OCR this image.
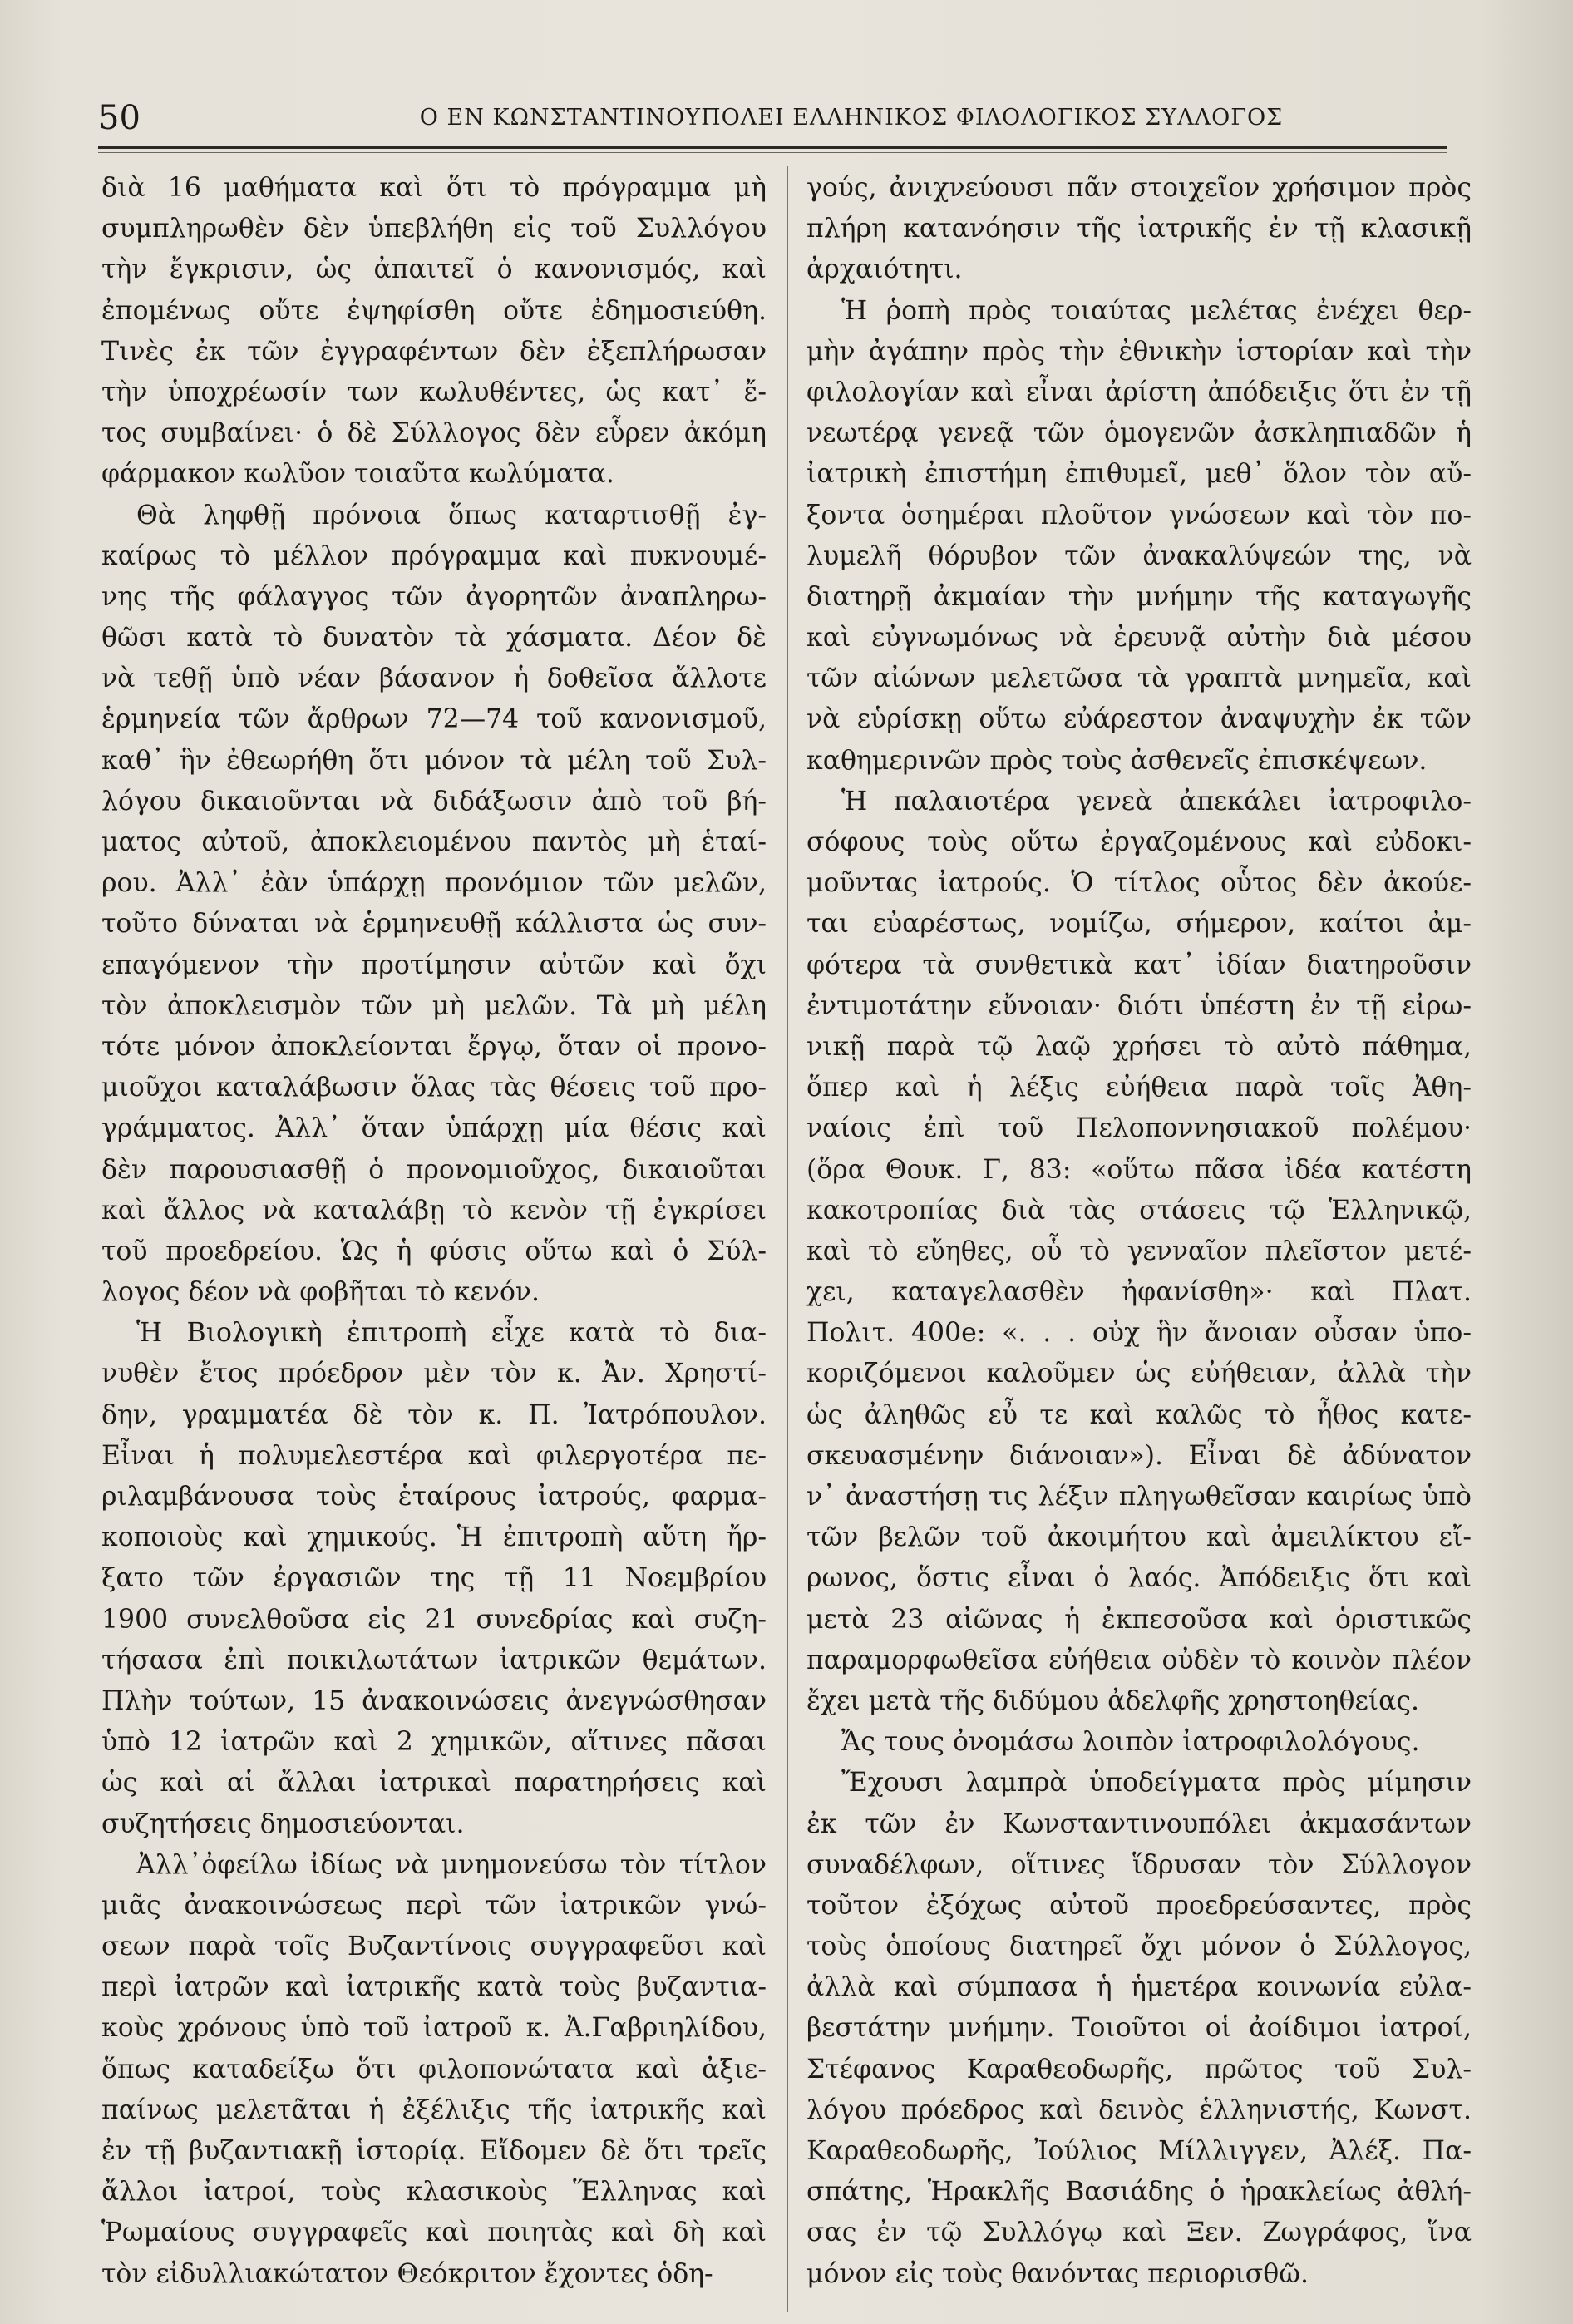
50	Ο ΕΝ ΚΩΝΣΤΑΝΤΙΝΟΥΠΟΛΕΙ ΕΛΛΗΝΙΚΟΣ ΦΙΛΟΛΟΓΙΚΟΣ ΣΥΛΛΟΓΟΣ
διὰ 16 μαθήματα καὶ ὅτι τὸ πρόγραμμα μὴ
συμπληρωθὲν δὲν ὑπεβλήθη εἰς τοῦ Συλλόγου
τὴν ἔγκρισιν, ὡς ἀπαιτεῖ ὁ κανονισμός, καὶ
ἐπομένως οὔτε ἐψηφίσθη οὔτε ἐδημοσιεύθη.
Τινὲς ἐκ τῶν ἐγγραφέντων δὲν ἐξεπλήρωσαν
τὴν ὑποχρέωσίν των κωλυθέντες, ὡς κατ᾽ ἔ-
τος συμβαίνει· ὁ δὲ Σύλλογος δὲν εὗρεν ἀκόμη
φάρμακον κωλῦον τοιαῦτα κωλύματα.
Θὰ ληφθῇ πρόνοια ὅπως καταρτισθῇ ἐγ-
καίρως τὸ μέλλον πρόγραμμα καὶ πυκνουμέ-
νης τῆς φάλαγγος τῶν ἀγορητῶν ἀναπληρω-
θῶσι κατὰ τὸ δυνατὸν τὰ χάσματα. Δέον δὲ
νὰ τεθῇ ὑπὸ νέαν βάσανον ἡ δοθεῖσα ἄλλοτε
ἑρμηνεία τῶν ἄρθρων 72—74 τοῦ κανονισμοῦ,
καθ᾽ ἣν ἐθεωρήθη ὅτι μόνον τὰ μέλη τοῦ Συλ-
λόγου δικαιοῦνται νὰ διδάξωσιν ἀπὸ τοῦ βή-
ματος αὐτοῦ, ἀποκλειομένου παντὸς μὴ ἑταί-
ρου. Ἀλλ᾽ ἐὰν ὑπάρχῃ προνόμιον τῶν μελῶν,
τοῦτο δύναται νὰ ἑρμηνευθῇ κάλλιστα ὡς συν-
επαγόμενον τὴν προτίμησιν αὐτῶν καὶ ὄχι
τὸν ἀποκλεισμὸν τῶν μὴ μελῶν. Τὰ μὴ μέλη
τότε μόνον ἀποκλείονται ἔργῳ, ὅταν οἱ προνο-
μιοῦχοι καταλάβωσιν ὅλας τὰς θέσεις τοῦ προ-
γράμματος. Ἀλλ᾽ ὅταν ὑπάρχῃ μία θέσις καὶ
δὲν παρουσιασθῇ ὁ προνομιοῦχος, δικαιοῦται
καὶ ἄλλος νὰ καταλάβῃ τὸ κενὸν τῇ ἐγκρίσει
τοῦ προεδρείου. Ὡς ἡ φύσις οὕτω καὶ ὁ Σύλ-
λογος δέον νὰ φοβῆται τὸ κενόν.
Ἡ Βιολογικὴ ἐπιτροπὴ εἶχε κατὰ τὸ δια-
νυθὲν ἔτος πρόεδρον μὲν τὸν κ. Ἀν. Χρηστί-
δην, γραμματέα δὲ τὸν κ. Π. Ἰατρόπουλον.
Εἶναι ἡ πολυμελεστέρα καὶ φιλεργοτέρα πε-
ριλαμβάνουσα τοὺς ἑταίρους ἰατρούς, φαρμα-
κοποιοὺς καὶ χημικούς. Ἡ ἐπιτροπὴ αὕτη ἤρ-
ξατο τῶν ἐργασιῶν της τῇ 11 Νοεμβρίου
1900 συνελθοῦσα εἰς 21 συνεδρίας καὶ συζη-
τήσασα ἐπὶ ποικιλωτάτων ἰατρικῶν θεμάτων.
Πλὴν τούτων, 15 ἀνακοινώσεις ἀνεγνώσθησαν
ὑπὸ 12 ἰατρῶν καὶ 2 χημικῶν, αἵτινες πᾶσαι
ὡς καὶ αἱ ἄλλαι ἰατρικαὶ παρατηρήσεις καὶ
συζητήσεις δημοσιεύονται.
Ἀλλ᾽ὀφείλω ἰδίως νὰ μνημονεύσω τὸν τίτλον
μιᾶς ἀνακοινώσεως περὶ τῶν ἰατρικῶν γνώ-
σεων παρὰ τοῖς Βυζαντίνοις συγγραφεῦσι καὶ
περὶ ἰατρῶν καὶ ἰατρικῆς κατὰ τοὺς βυζαντια-
κοὺς χρόνους ὑπὸ τοῦ ἰατροῦ κ. Ἀ.Γαβριηλίδου,
ὅπως καταδείξω ὅτι φιλοπονώτατα καὶ ἀξιε-
παίνως μελετᾶται ἡ ἐξέλιξις τῆς ἰατρικῆς καὶ
ἐν τῇ βυζαντιακῇ ἱστορίᾳ. Εἴδομεν δὲ ὅτι τρεῖς
ἄλλοι ἰατροί, τοὺς κλασικοὺς Ἕλληνας καὶ
Ῥωμαίους συγγραφεῖς καὶ ποιητὰς καὶ δὴ καὶ
τὸν εἰδυλλιακώτατον Θεόκριτον ἔχοντες ὁδη-
γούς, ἀνιχνεύουσι πᾶν στοιχεῖον χρήσιμον πρὸς
πλήρη κατανόησιν τῆς ἰατρικῆς ἐν τῇ κλασικῇ
ἀρχαιότητι.
Ἡ ῥοπὴ πρὸς τοιαύτας μελέτας ἐνέχει θερ-
μὴν ἀγάπην πρὸς τὴν ἐθνικὴν ἱστορίαν καὶ τὴν
φιλολογίαν καὶ εἶναι ἀρίστη ἀπόδειξις ὅτι ἐν τῇ
νεωτέρᾳ γενεᾷ τῶν ὁμογενῶν ἀσκληπιαδῶν ἡ
ἰατρικὴ ἐπιστήμη ἐπιθυμεῖ, μεθ᾽ ὅλον τὸν αὔ-
ξοντα ὁσημέραι πλοῦτον γνώσεων καὶ τὸν πο-
λυμελῆ θόρυβον τῶν ἀνακαλύψεών της, νὰ
διατηρῇ ἀκμαίαν τὴν μνήμην τῆς καταγωγῆς
καὶ εὐγνωμόνως νὰ ἐρευνᾷ αὐτὴν διὰ μέσου
τῶν αἰώνων μελετῶσα τὰ γραπτὰ μνημεῖα, καὶ
νὰ εὑρίσκῃ οὕτω εὐάρεστον ἀναψυχὴν ἐκ τῶν
καθημερινῶν πρὸς τοὺς ἀσθενεῖς ἐπισκέψεων.
Ἡ παλαιοτέρα γενεὰ ἀπεκάλει ἰατροφιλο-
σόφους τοὺς οὕτω ἐργαζομένους καὶ εὐδοκι-
μοῦντας ἰατρούς. Ὁ τίτλος οὗτος δὲν ἀκούε-
ται εὐαρέστως, νομίζω, σήμερον, καίτοι ἀμ-
φότερα τὰ συνθετικὰ κατ᾽ ἰδίαν διατηροῦσιν
ἐντιμοτάτην εὔνοιαν· διότι ὑπέστη ἐν τῇ εἰρω-
νικῇ παρὰ τῷ λαῷ χρήσει τὸ αὐτὸ πάθημα,
ὅπερ καὶ ἡ λέξις εὐήθεια παρὰ τοῖς Ἀθη-
ναίοις ἐπὶ τοῦ Πελοποννησιακοῦ πολέμου·
(ὅρα Θουκ. Γ, 83: «οὕτω πᾶσα ἰδέα κατέστη
κακοτροπίας διὰ τὰς στάσεις τῷ Ἑλληνικῷ,
καὶ τὸ εὔηθες, οὗ τὸ γενναῖον πλεῖστον μετέ-
χει, καταγελασθὲν ἠφανίσθη»· καὶ Πλατ.
Πολιτ. 400e: «. . . οὐχ ἣν ἄνοιαν οὖσαν ὑπο-
κοριζόμενοι καλοῦμεν ὡς εὐήθειαν, ἀλλὰ τὴν
ὡς ἀληθῶς εὖ τε καὶ καλῶς τὸ ἦθος κατε-
σκευασμένην διάνοιαν»). Εἶναι δὲ ἀδύνατον
ν᾽ ἀναστήσῃ τις λέξιν πληγωθεῖσαν καιρίως ὑπὸ
τῶν βελῶν τοῦ ἀκοιμήτου καὶ ἀμειλίκτου εἴ-
ρωνος, ὅστις εἶναι ὁ λαός. Ἀπόδειξις ὅτι καὶ
μετὰ 23 αἰῶνας ἡ ἐκπεσοῦσα καὶ ὁριστικῶς
παραμορφωθεῖσα εὐήθεια οὐδὲν τὸ κοινὸν πλέον
ἔχει μετὰ τῆς διδύμου ἀδελφῆς χρηστοηθείας.
Ἄς τους ὀνομάσω λοιπὸν ἰατροφιλολόγους.
Ἔχουσι λαμπρὰ ὑποδείγματα πρὸς μίμησιν
ἐκ τῶν ἐν Κωνσταντινουπόλει ἀκμασάντων
συναδέλφων, οἵτινες ἵδρυσαν τὸν Σύλλογον
τοῦτον ἐξόχως αὐτοῦ προεδρεύσαντες, πρὸς
τοὺς ὁποίους διατηρεῖ ὄχι μόνον ὁ Σύλλογος,
ἀλλὰ καὶ σύμπασα ἡ ἡμετέρα κοινωνία εὐλα-
βεστάτην μνήμην. Τοιοῦτοι οἱ ἀοίδιμοι ἰατροί,
Στέφανος Καραθεοδωρῆς, πρῶτος τοῦ Συλ-
λόγου πρόεδρος καὶ δεινὸς ἑλληνιστής, Κωνστ.
Καραθεοδωρῆς, Ἰούλιος Μίλλιγγεν, Ἀλέξ. Πα-
σπάτης, Ἡρακλῆς Βασιάδης ὁ ἡρακλείως ἀθλή-
σας ἐν τῷ Συλλόγῳ καὶ Ξεν. Ζωγράφος, ἵνα
μόνον εἰς τοὺς θανόντας περιορισθῶ.
